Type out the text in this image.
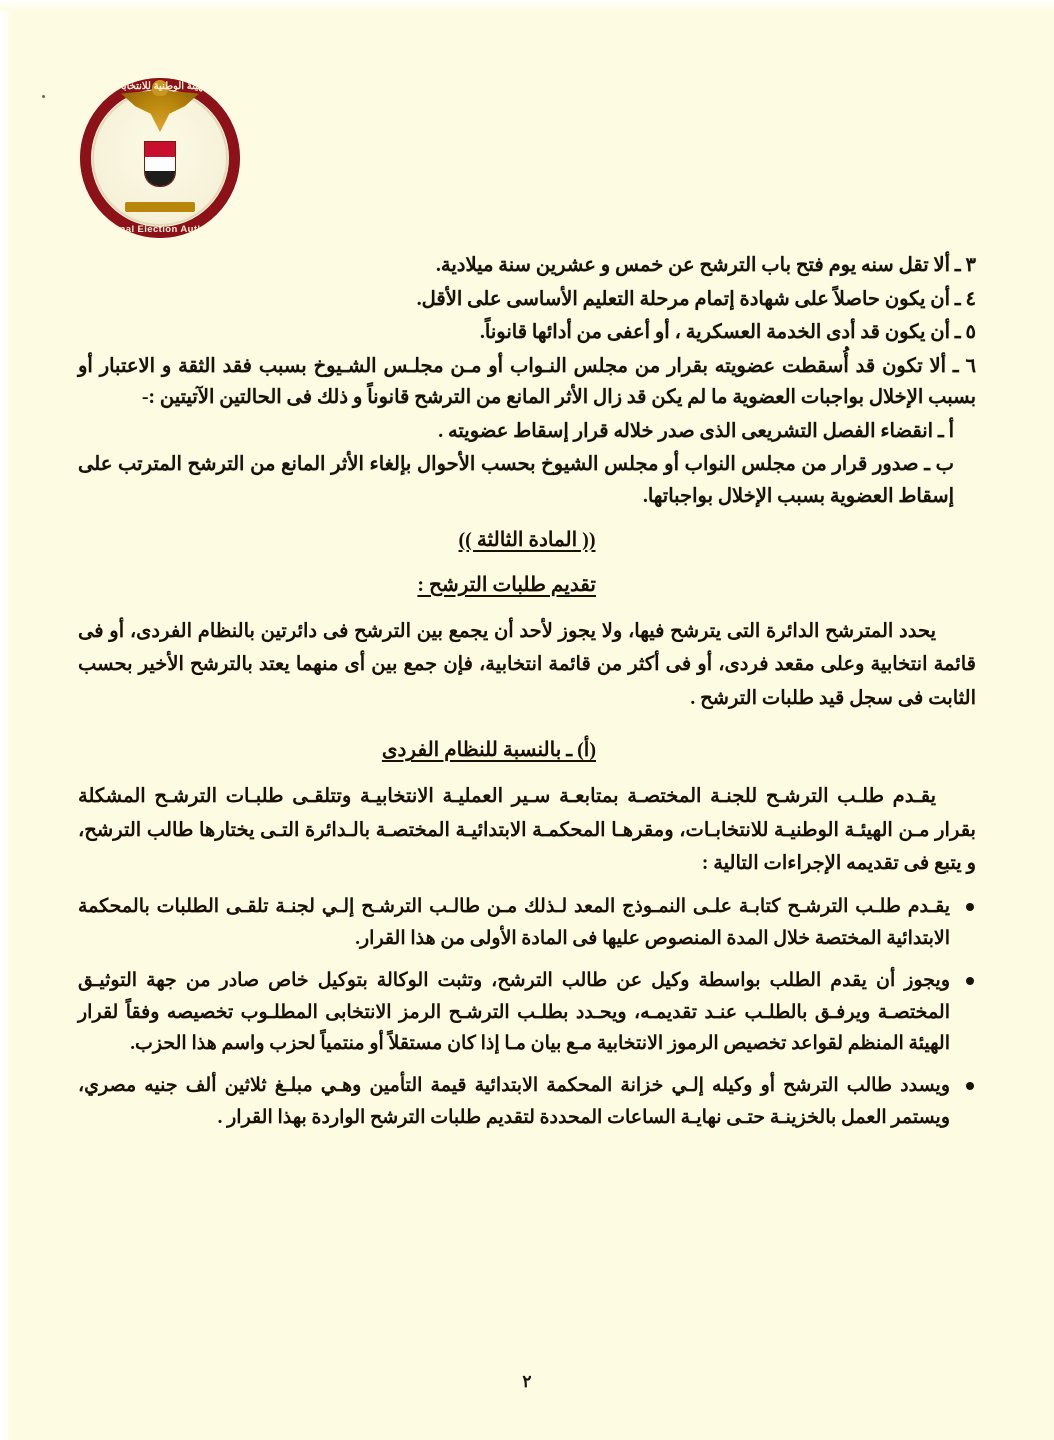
الهيئة الوطنية للانتخابات
National Election Authority

٣ ـ ألا تقل سنه يوم فتح باب الترشح عن خمس و عشرين سنة ميلادية.

٤ ـ أن يكون حاصلاً على شهادة إتمام مرحلة التعليم الأساسى على الأقل.

٥ ـ أن يكون قد أدى الخدمة العسكرية ، أو أعفى من أدائها قانوناً.

٦ ـ ألا تكون قد أُسقطت عضويته بقرار من مجلس النـواب أو مـن مجلـس الشـيوخ بسبب فقد الثقة و الاعتبار أو بسبب الإخلال بواجبات العضوية ما لم يكن قد زال الأثر المانع من الترشح قانوناً و ذلك فى الحالتين الآتيتين :-

أ ـ انقضاء الفصل التشريعى الذى صدر خلاله قرار إسقاط عضويته .

ب ـ صدور قرار من مجلس النواب أو مجلس الشيوخ بحسب الأحوال بإلغاء الأثر المانع من الترشح المترتب على إسقاط العضوية بسبب الإخلال بواجباتها.

(( المادة الثالثة ))
تقديم طلبات الترشح :

يحدد المترشح الدائرة التى يترشح فيها، ولا يجوز لأحد أن يجمع بين الترشح فى دائرتين بالنظام الفردى، أو فى قائمة انتخابية وعلى مقعد فردى، أو فى أكثر من قائمة انتخابية، فإن جمع بين أى منهما يعتد بالترشح الأخير بحسب الثابت فى سجل قيد طلبات الترشح .

(أ) ـ بالنسبة للنظام الفردى

يقـدم طلـب الترشـح للجنـة المختصـة بمتابعـة سـير العمليـة الانتخابيـة وتتلقـى طلبـات الترشـح المشكلة بقرار مـن الهيئـة الوطنيـة للانتخابـات، ومقرهـا المحكمـة الابتدائيـة المختصـة بالـدائرة التـى يختارها طالب الترشح، و يتبع فى تقديمه الإجراءات التالية :

يقـدم طلـب الترشـح كتابـة علـى النمـوذج المعد لـذلك مـن طالـب الترشـح إلـي لجنـة تلقـى الطلبات بالمحكمة الابتدائية المختصة خلال المدة المنصوص عليها فى المادة الأولى من هذا القرار.
ويجوز أن يقدم الطلب بواسطة وكيل عن طالب الترشح، وتثبت الوكالة بتوكيل خاص صادر من جهة التوثيـق المختصـة ويرفـق بالطلـب عنـد تقديمـه، ويحـدد بطلـب الترشـح الرمز الانتخابى المطلـوب تخصيصه وفقاً لقرار الهيئة المنظم لقواعد تخصيص الرموز الانتخابية مـع بيان مـا إذا كان مستقلاً أو منتمياً لحزب واسم هذا الحزب.
ويسدد طالب الترشح أو وكيله إلـي خزانة المحكمة الابتدائية قيمة التأمين وهـي مبلـغ ثلاثين ألف جنيه مصري، ويستمر العمل بالخزينـة حتـى نهايـة الساعات المحددة لتقديم طلبات الترشح الواردة بهذا القرار .
٢
